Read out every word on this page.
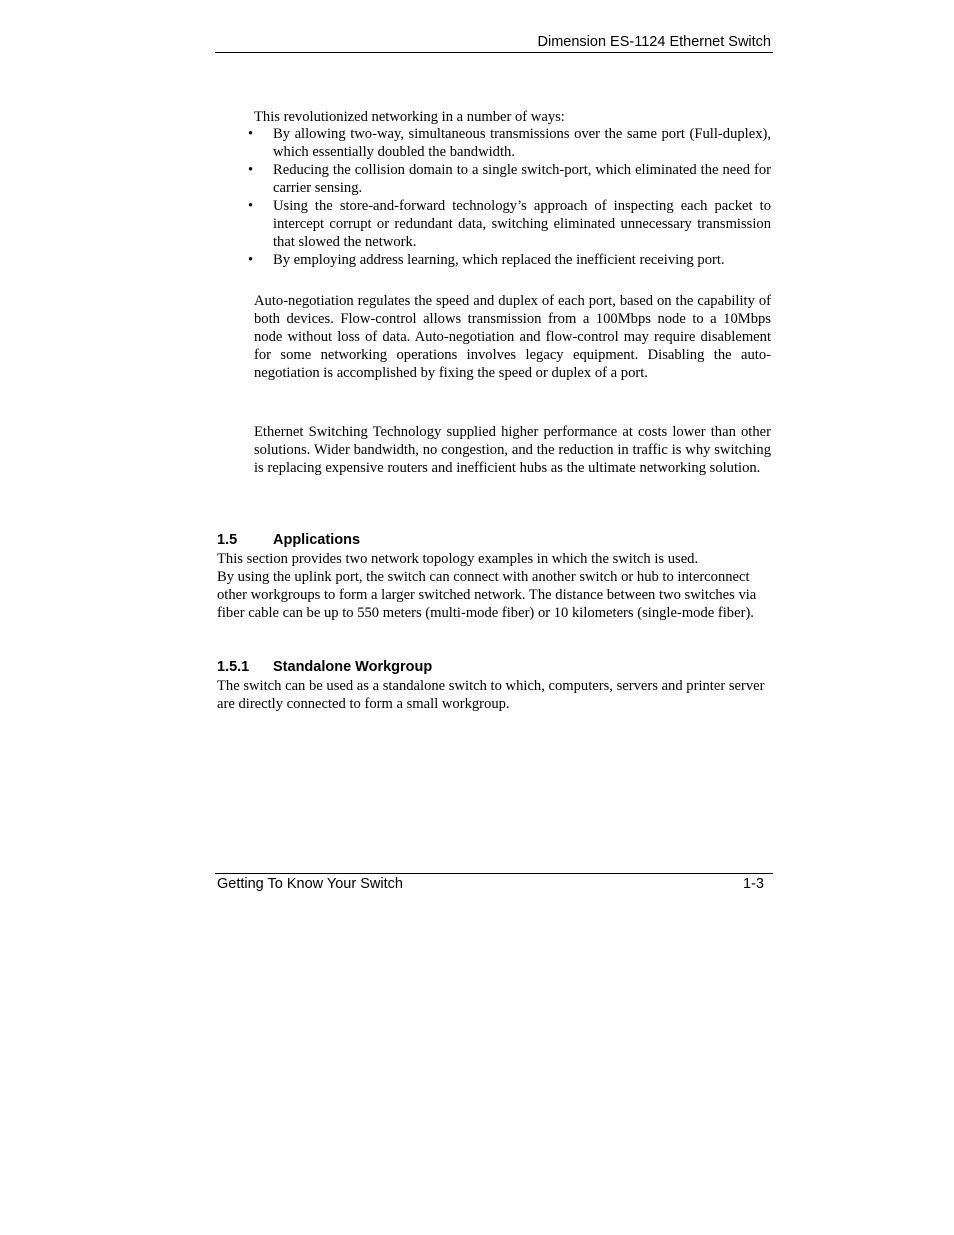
Dimension ES-1124 Ethernet Switch

This revolutionized networking in a number of ways:

• By allowing two-way, simultaneous transmissions over the same port (Full-duplex), which essentially doubled the bandwidth.
• Reducing the collision domain to a single switch-port, which eliminated the need for carrier sensing.
• Using the store-and-forward technology’s approach of inspecting each packet to intercept corrupt or redundant data, switching eliminated unnecessary transmission that slowed the network.
• By employing address learning, which replaced the inefficient receiving port.

Auto-negotiation regulates the speed and duplex of each port, based on the capability of both devices. Flow-control allows transmission from a 100Mbps node to a 10Mbps node without loss of data. Auto-negotiation and flow-control may require disablement for some networking operations involves legacy equipment. Disabling the auto-negotiation is accomplished by fixing the speed or duplex of a port.

Ethernet Switching Technology supplied higher performance at costs lower than other solutions. Wider bandwidth, no congestion, and the reduction in traffic is why switching is replacing expensive routers and inefficient hubs as the ultimate networking solution.

1.5 Applications

This section provides two network topology examples in which the switch is used.

By using the uplink port, the switch can connect with another switch or hub to interconnect other workgroups to form a larger switched network. The distance between two switches via fiber cable can be up to 550 meters (multi-mode fiber) or 10 kilometers (single-mode fiber).

1.5.1 Standalone Workgroup

The switch can be used as a standalone switch to which, computers, servers and printer server are directly connected to form a small workgroup.

Getting To Know Your Switch	1-3
